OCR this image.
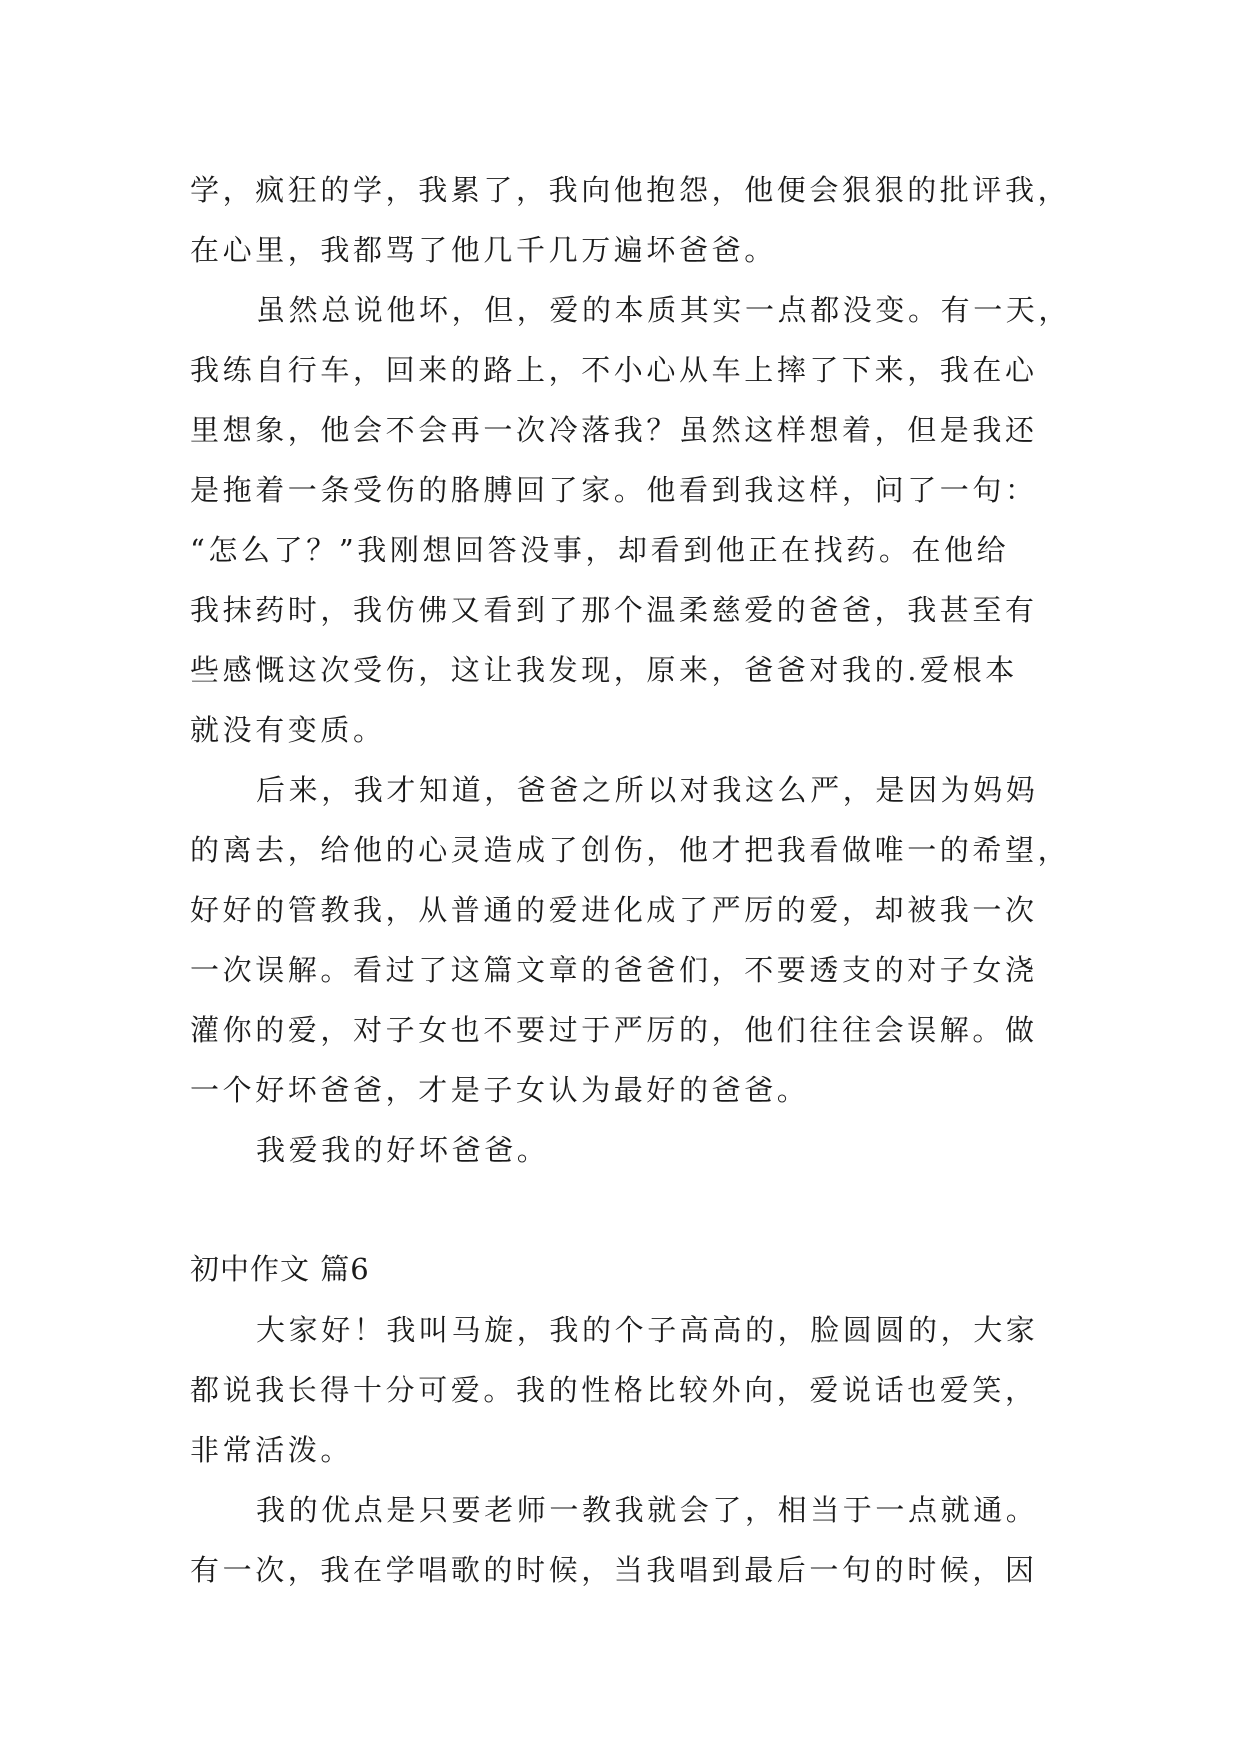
学，疯狂的学，我累了，我向他抱怨，他便会狠狠的批评我，
在心里，我都骂了他几千几万遍坏爸爸。
虽然总说他坏，但，爱的本质其实一点都没变。有一天，
我练自行车，回来的路上，不小心从车上摔了下来，我在心
里想象，他会不会再一次冷落我？虽然这样想着，但是我还
是拖着一条受伤的胳膊回了家。他看到我这样，问了一句：
“怎么了？”我刚想回答没事，却看到他正在找药。在他给
我抹药时，我仿佛又看到了那个温柔慈爱的爸爸，我甚至有
些感慨这次受伤，这让我发现，原来，爸爸对我的.爱根本
就没有变质。
后来，我才知道，爸爸之所以对我这么严，是因为妈妈
的离去，给他的心灵造成了创伤，他才把我看做唯一的希望，
好好的管教我，从普通的爱进化成了严厉的爱，却被我一次
一次误解。看过了这篇文章的爸爸们，不要透支的对子女浇
灌你的爱，对子女也不要过于严厉的，他们往往会误解。做
一个好坏爸爸，才是子女认为最好的爸爸。
我爱我的好坏爸爸。
初中作文 篇6
大家好！我叫马旋，我的个子高高的，脸圆圆的，大家
都说我长得十分可爱。我的性格比较外向，爱说话也爱笑，
非常活泼。
我的优点是只要老师一教我就会了，相当于一点就通。
有一次，我在学唱歌的时候，当我唱到最后一句的时候，因
